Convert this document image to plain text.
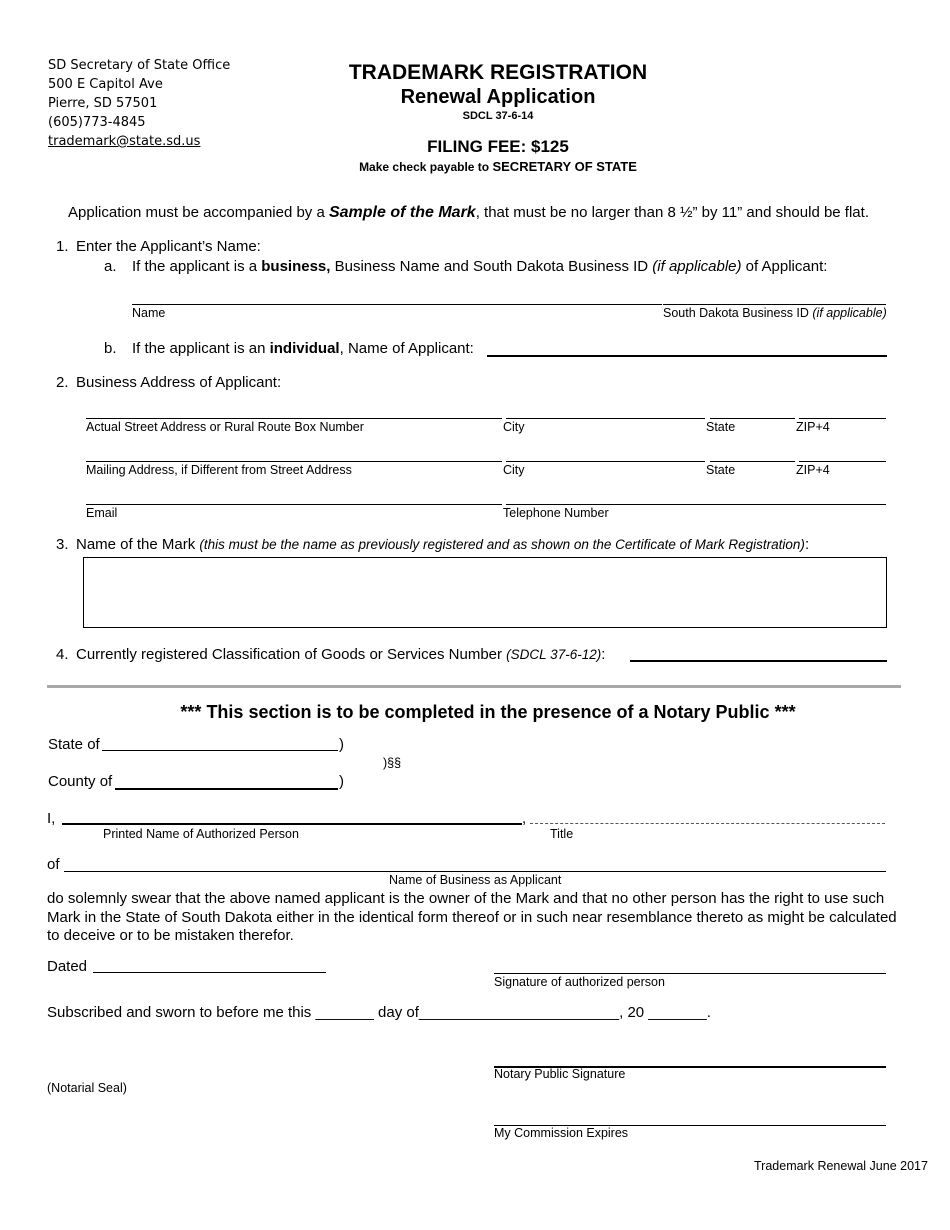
SD Secretary of State Office
500 E Capitol Ave
Pierre, SD 57501
(605)773-4845
trademark@state.sd.us
TRADEMARK REGISTRATION
Renewal Application
SDCL 37-6-14
FILING FEE: $125
Make check payable to SECRETARY OF STATE
Application must be accompanied by a Sample of the Mark, that must be no larger than 8 ½” by 11” and should be flat.
1. Enter the Applicant’s Name:
a. If the applicant is a business, Business Name and South Dakota Business ID (if applicable) of Applicant:
Name	South Dakota Business ID (if applicable)
b. If the applicant is an individual, Name of Applicant:
2. Business Address of Applicant:
Actual Street Address or Rural Route Box Number	City	State	ZIP+4
Mailing Address, if Different from Street Address	City	State	ZIP+4
Email	Telephone Number
3. Name of the Mark (this must be the name as previously registered and as shown on the Certificate of Mark Registration):
4. Currently registered Classification of Goods or Services Number (SDCL 37-6-12):
*** This section is to be completed in the presence of a Notary Public ***
State of	)
)§§
County of	)
I,	,
Printed Name of Authorized Person	Title
of
Name of Business as Applicant
do solemnly swear that the above named applicant is the owner of the Mark and that no other person has the right to use such Mark in the State of South Dakota either in the identical form thereof or in such near resemblance thereto as might be calculated to deceive or to be mistaken therefor.
Dated
Signature of authorized person
Subscribed and sworn to before me this _______ day of________________________, 20 _______.
Notary Public Signature
(Notarial Seal)
My Commission Expires
Trademark Renewal June 2017
